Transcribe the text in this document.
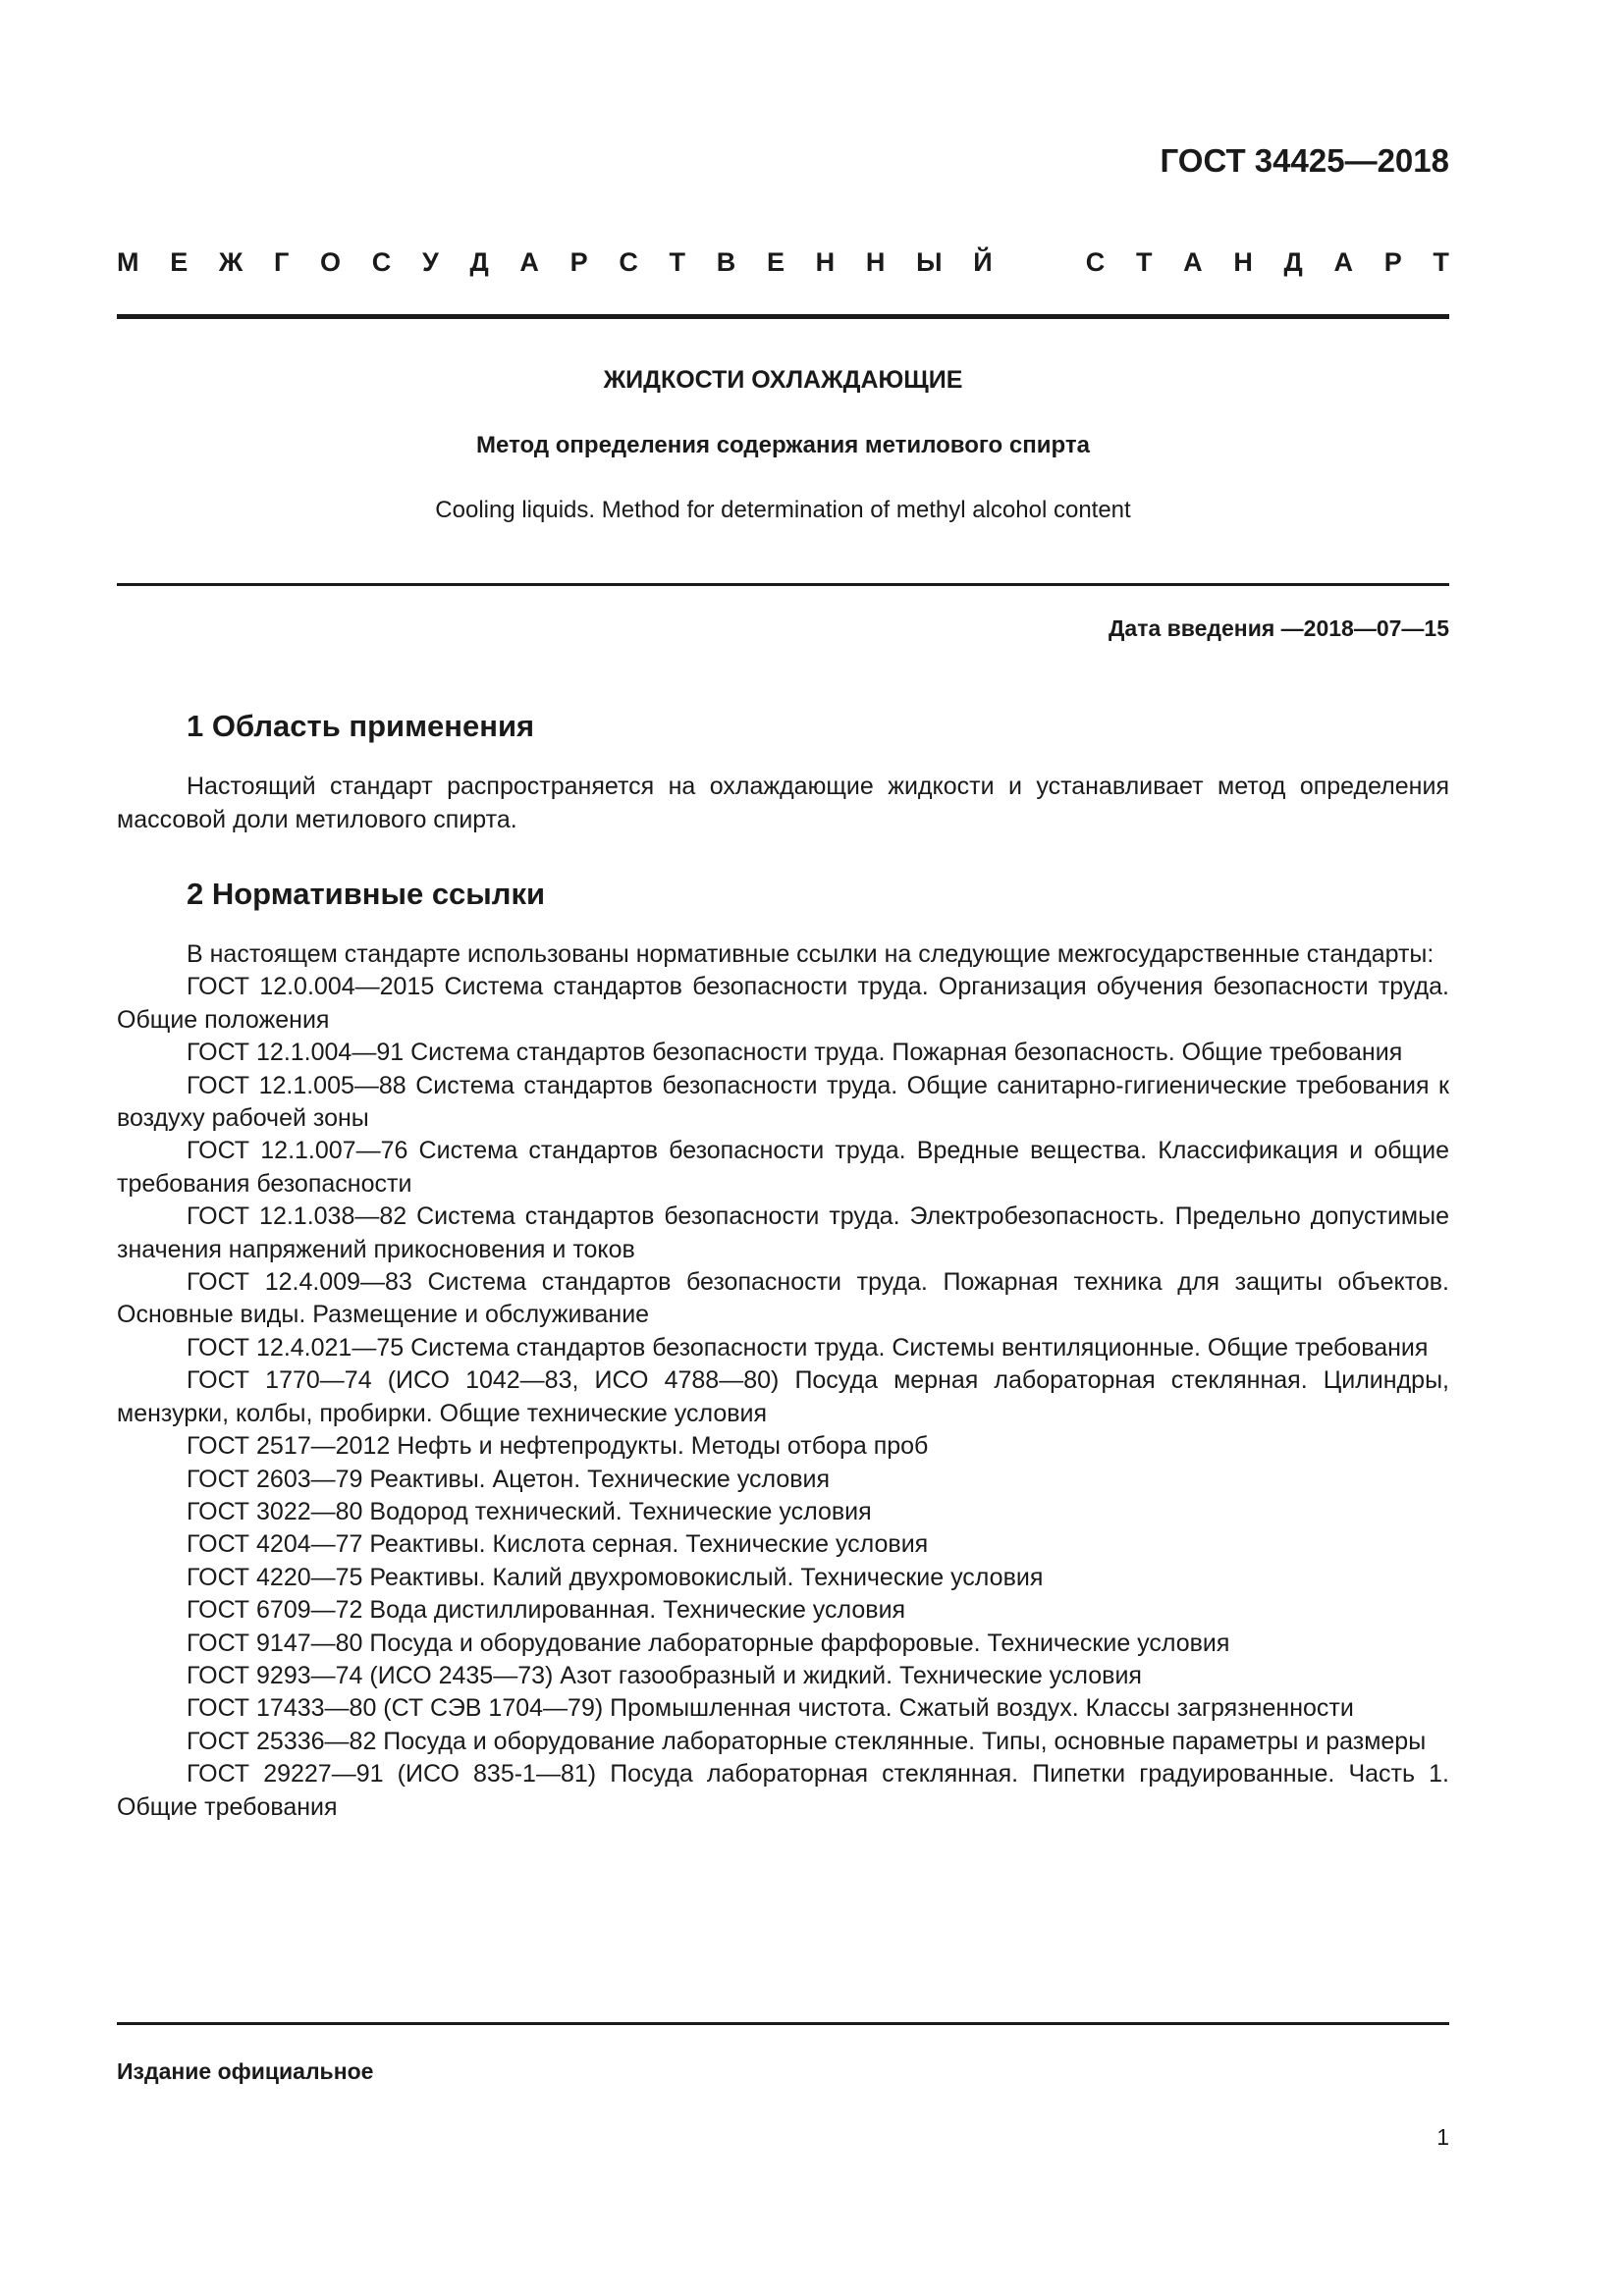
ГОСТ 34425—2018
М Е Ж Г О С У Д А Р С Т В Е Н Н Ы Й	С Т А Н Д А Р Т
ЖИДКОСТИ ОХЛАЖДАЮЩИЕ
Метод определения содержания метилового спирта
Cooling liquids. Method for determination of methyl alcohol content
Дата введения —2018—07—15
1 Область применения

Настоящий стандарт распространяется на охлаждающие жидкости и устанавливает метод определения массовой доли метилового спирта.

2 Нормативные ссылки

В настоящем стандарте использованы нормативные ссылки на следующие межгосударственные стандарты:

ГОСТ 12.0.004—2015 Система стандартов безопасности труда. Организация обучения безопасности труда. Общие положения

ГОСТ 12.1.004—91 Система стандартов безопасности труда. Пожарная безопасность. Общие требования

ГОСТ 12.1.005—88 Система стандартов безопасности труда. Общие санитарно-гигиенические требования к воздуху рабочей зоны

ГОСТ 12.1.007—76 Система стандартов безопасности труда. Вредные вещества. Классификация и общие требования безопасности

ГОСТ 12.1.038—82 Система стандартов безопасности труда. Электробезопасность. Предельно допустимые значения напряжений прикосновения и токов

ГОСТ 12.4.009—83 Система стандартов безопасности труда. Пожарная техника для защиты объектов. Основные виды. Размещение и обслуживание

ГОСТ 12.4.021—75 Система стандартов безопасности труда. Системы вентиляционные. Общие требования

ГОСТ 1770—74 (ИСО 1042—83, ИСО 4788—80) Посуда мерная лабораторная стеклянная. Цилиндры, мензурки, колбы, пробирки. Общие технические условия

ГОСТ 2517—2012 Нефть и нефтепродукты. Методы отбора проб

ГОСТ 2603—79 Реактивы. Ацетон. Технические условия

ГОСТ 3022—80 Водород технический. Технические условия

ГОСТ 4204—77 Реактивы. Кислота серная. Технические условия

ГОСТ 4220—75 Реактивы. Калий двухромовокислый. Технические условия

ГОСТ 6709—72 Вода дистиллированная. Технические условия

ГОСТ 9147—80 Посуда и оборудование лабораторные фарфоровые. Технические условия

ГОСТ 9293—74 (ИСО 2435—73) Азот газообразный и жидкий. Технические условия

ГОСТ 17433—80 (СТ СЭВ 1704—79) Промышленная чистота. Сжатый воздух. Классы загрязненности

ГОСТ 25336—82 Посуда и оборудование лабораторные стеклянные. Типы, основные параметры и размеры

ГОСТ 29227—91 (ИСО 835-1—81) Посуда лабораторная стеклянная. Пипетки градуированные. Часть 1. Общие требования

Издание официальное
1
